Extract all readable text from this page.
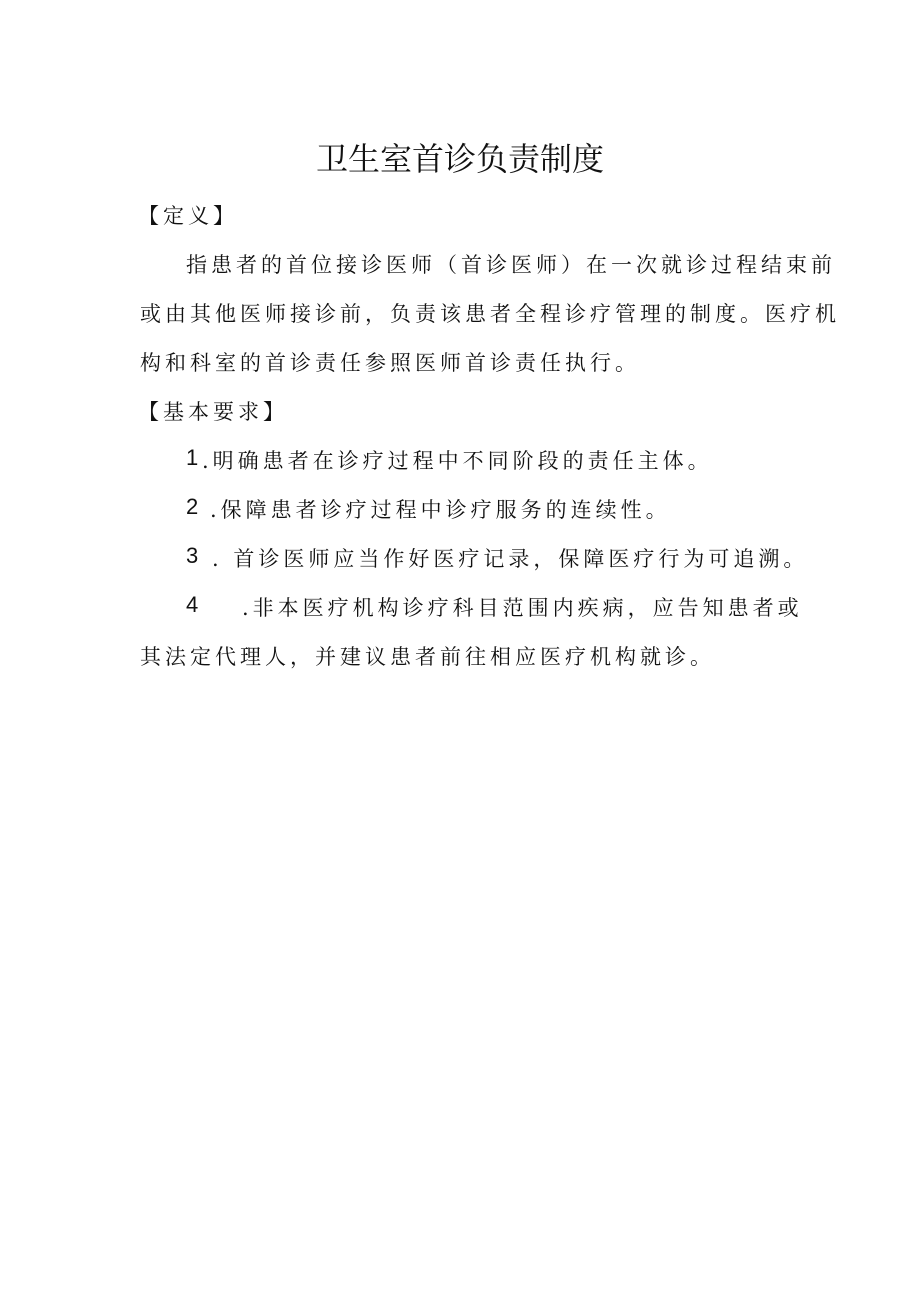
卫生室首诊负责制度
【定义】
指患者的首位接诊医师（首诊医师）在一次就诊过程结束前
或由其他医师接诊前，负责该患者全程诊疗管理的制度。医疗机
构和科室的首诊责任参照医师首诊责任执行。
【基本要求】
1 .明确患者在诊疗过程中不同阶段的责任主体。
2 .保障患者诊疗过程中诊疗服务的连续性。
3 . 首诊医师应当作好医疗记录，保障医疗行为可追溯。
4 .非本医疗机构诊疗科目范围内疾病，应告知患者或
其法定代理人，并建议患者前往相应医疗机构就诊。
